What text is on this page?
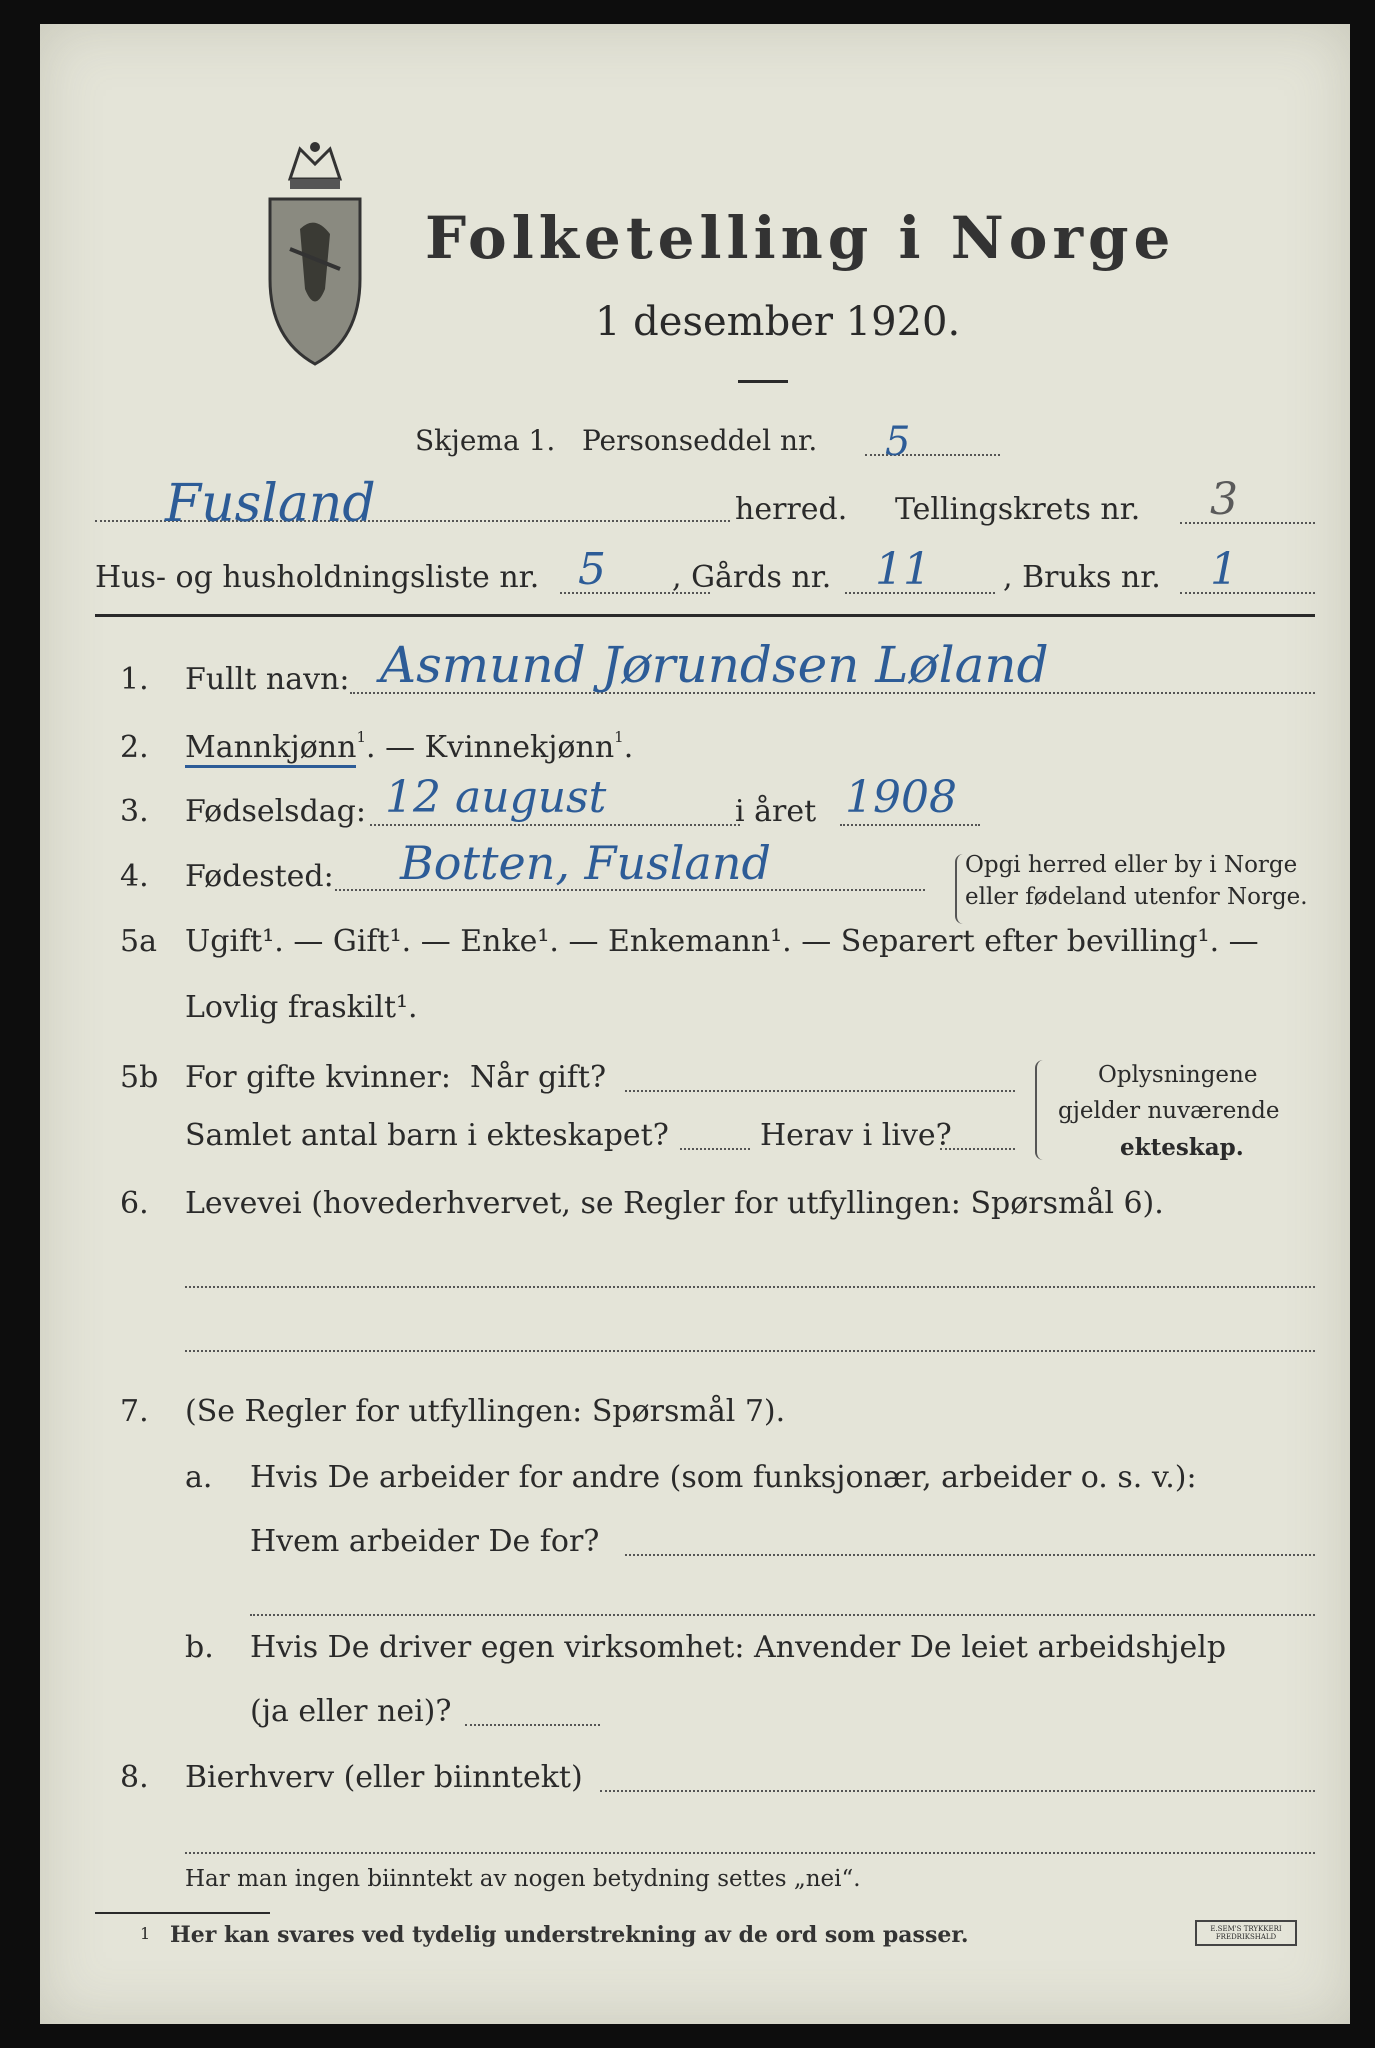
Folketelling i Norge
1 desember 1920.
Skjema 1.   Personseddel nr. 5
Fusland	herred. Tellingskrets nr. 3
Hus- og husholdningsliste nr. 5 , Gårds nr. 11 , Bruks nr. 1
1. Fullt navn: Asmund Jørundsen Løland
2. Mannkjønn$^1$. — Kvinnekjønn$^1$.
3. Fødselsdag: 12 august	i året 1908
4. Fødested: Botten, Fusland	Opgi herred eller by i Norge
eller fødeland utenfor Norge.
5a Ugift¹. — Gift¹. — Enke¹. — Enkemann¹. — Separert efter bevilling¹. —
Lovlig fraskilt¹.
5b For gifte kvinner:  Når gift?
Samlet antal barn i ekteskapet?	Herav i live?
Oplysningene
gjelder nuværende
ekteskap.
6. Levevei (hovederhvervet, se Regler for utfyllingen: Spørsmål 6).
7. (Se Regler for utfyllingen: Spørsmål 7).
a. Hvis De arbeider for andre (som funksjonær, arbeider o. s. v.):
Hvem arbeider De for?
b. Hvis De driver egen virksomhet: Anvender De leiet arbeidshjelp
(ja eller nei)?
8. Bierhverv (eller biinntekt)
Har man ingen biinntekt av nogen betydning settes „nei“.
1 Her kan svares ved tydelig understrekning av de ord som passer.	E.SEM'S TRYKKERI
FREDRIKSHALD
